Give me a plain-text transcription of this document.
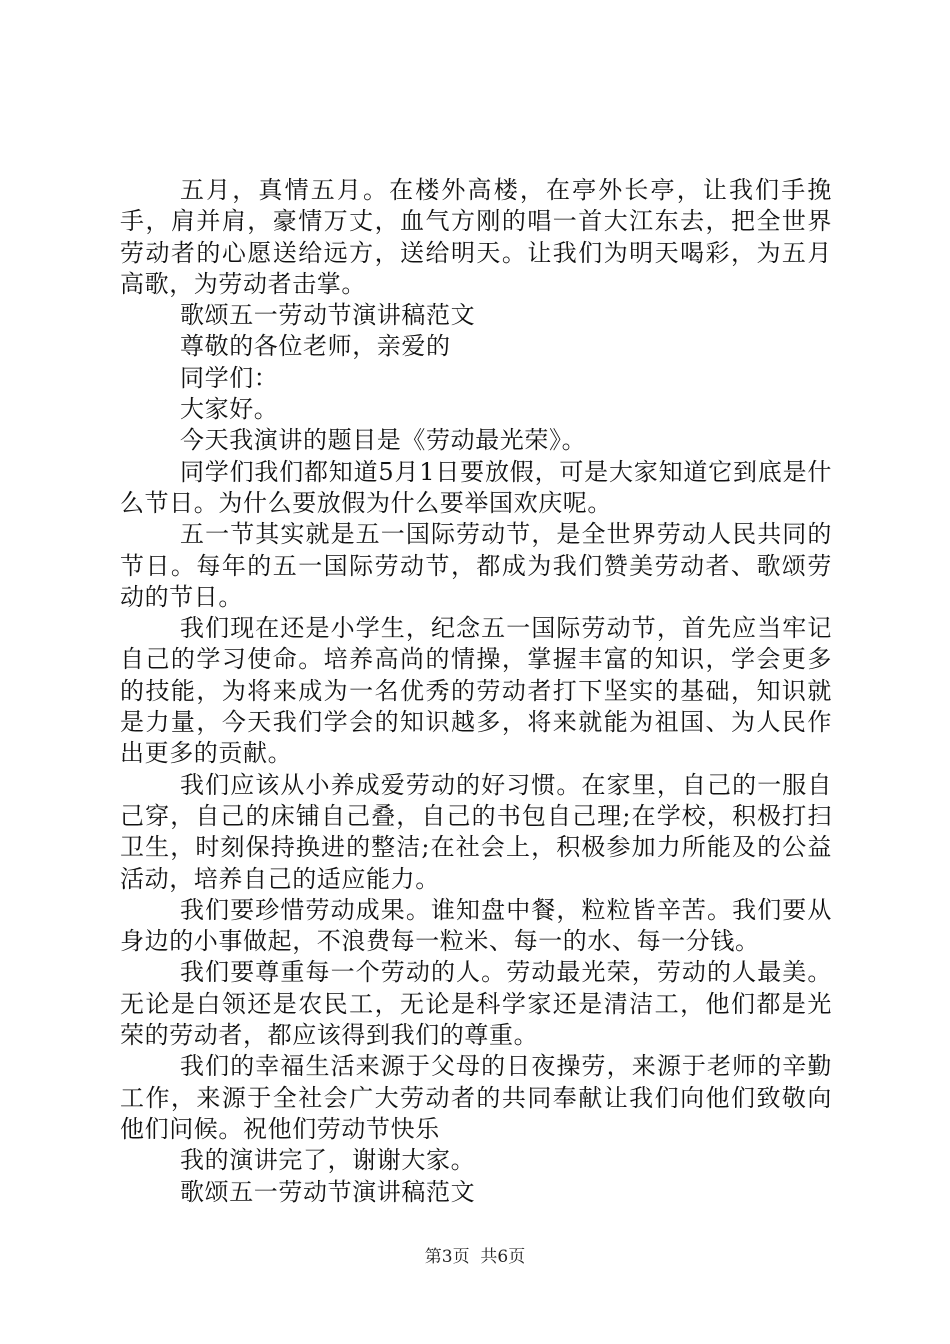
五月，真情五月。在楼外高楼，在亭外长亭，让我们手挽手，肩并肩，豪情万丈，血气方刚的唱一首大江东去，把全世界劳动者的心愿送给远方，送给明天。让我们为明天喝彩，为五月高歌，为劳动者击掌。

歌颂五一劳动节演讲稿范文

尊敬的各位老师，亲爱的

同学们：

大家好。

今天我演讲的题目是《劳动最光荣》。

同学们我们都知道5月1日要放假，可是大家知道它到底是什么节日。为什么要放假为什么要举国欢庆呢。

五一节其实就是五一国际劳动节，是全世界劳动人民共同的节日。每年的五一国际劳动节，都成为我们赞美劳动者、歌颂劳动的节日。

我们现在还是小学生，纪念五一国际劳动节，首先应当牢记自己的学习使命。培养高尚的情操，掌握丰富的知识，学会更多的技能，为将来成为一名优秀的劳动者打下坚实的基础，知识就是力量，今天我们学会的知识越多，将来就能为祖国、为人民作出更多的贡献。

我们应该从小养成爱劳动的好习惯。在家里，自己的一服自己穿，自己的床铺自己叠，自己的书包自己理;在学校，积极打扫卫生，时刻保持换进的整洁;在社会上，积极参加力所能及的公益活动，培养自己的适应能力。

我们要珍惜劳动成果。谁知盘中餐，粒粒皆辛苦。我们要从身边的小事做起，不浪费每一粒米、每一的水、每一分钱。

我们要尊重每一个劳动的人。劳动最光荣，劳动的人最美。无论是白领还是农民工，无论是科学家还是清洁工，他们都是光荣的劳动者，都应该得到我们的尊重。

我们的幸福生活来源于父母的日夜操劳，来源于老师的辛勤工作，来源于全社会广大劳动者的共同奉献让我们向他们致敬向他们问候。祝他们劳动节快乐

我的演讲完了，谢谢大家。

歌颂五一劳动节演讲稿范文

第3页  共6页
